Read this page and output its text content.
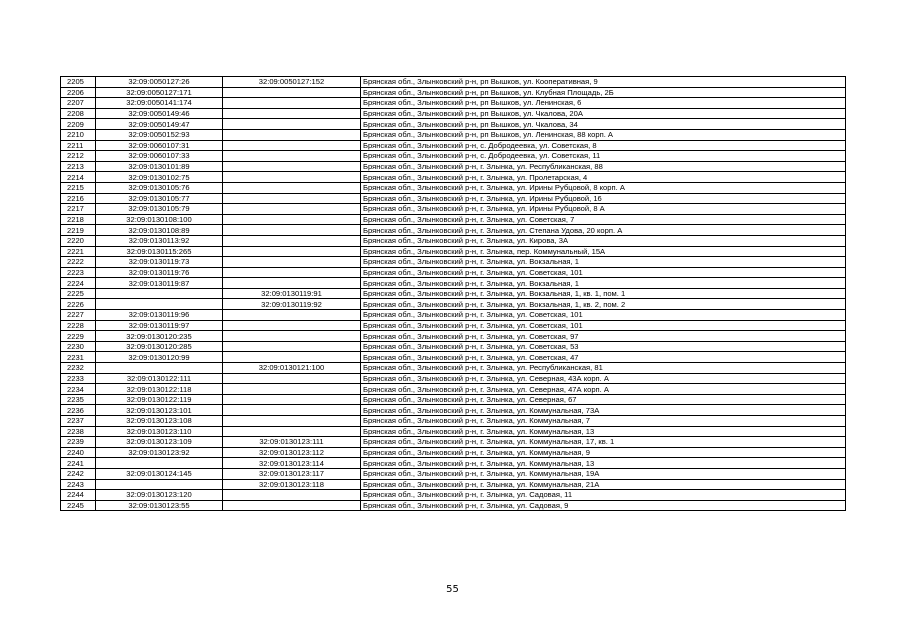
2205	32:09:0050127:26	32:09:0050127:152	Брянская обл., Злынковский р-н, рп Вышков, ул. Кооперативная, 9
2206	32:09:0050127:171		Брянская обл., Злынковский р-н, рп Вышков, ул. Клубная Площадь, 2Б
2207	32:09:0050141:174		Брянская обл., Злынковский р-н, рп Вышков, ул. Ленинская, 6
2208	32:09:0050149:46		Брянская обл., Злынковский р-н, рп Вышков, ул. Чкалова, 20А
2209	32:09:0050149:47		Брянская обл., Злынковский р-н, рп Вышков, ул. Чкалова, 34
2210	32:09:0050152:93		Брянская обл., Злынковский р-н, рп Вышков, ул. Ленинская, 88 корп. А
2211	32:09:0060107:31		Брянская обл., Злынковский р-н, с. Добродеевка, ул. Советская, 8
2212	32:09:0060107:33		Брянская обл., Злынковский р-н, с. Добродеевка, ул. Советская, 11
2213	32:09:0130101:89		Брянская обл., Злынковский р-н, г. Злынка, ул. Республиканская, 88
2214	32:09:0130102:75		Брянская обл., Злынковский р-н, г. Злынка, ул. Пролетарская, 4
2215	32:09:0130105:76		Брянская обл., Злынковский р-н, г. Злынка, ул. Ирины Рубцовой, 8 корп. А
2216	32:09:0130105:77		Брянская обл., Злынковский р-н, г. Злынка, ул. Ирины Рубцовой, 16
2217	32:09:0130105:79		Брянская обл., Злынковский р-н, г. Злынка, ул. Ирины Рубцовой, 8 А
2218	32:09:0130108:100		Брянская обл., Злынковский р-н, г. Злынка, ул. Советская, 7
2219	32:09:0130108:89		Брянская обл., Злынковский р-н, г. Злынка, ул. Степана Удова, 20 корп. А
2220	32:09:0130113:92		Брянская обл., Злынковский р-н, г. Злынка, ул. Кирова, 3А
2221	32:09:0130115:265		Брянская обл., Злынковский р-н, г. Злынка, пер. Коммунальный, 15А
2222	32:09:0130119:73		Брянская обл., Злынковский р-н, г. Злынка, ул. Вокзальная, 1
2223	32:09:0130119:76		Брянская обл., Злынковский р-н, г. Злынка, ул. Советская, 101
2224	32:09:0130119:87		Брянская обл., Злынковский р-н, г. Злынка, ул. Вокзальная, 1
2225		32:09:0130119:91	Брянская обл., Злынковский р-н, г. Злынка, ул. Вокзальная, 1, кв. 1, пом. 1
2226		32:09:0130119:92	Брянская обл., Злынковский р-н, г. Злынка, ул. Вокзальная, 1, кв. 2, пом. 2
2227	32:09:0130119:96		Брянская обл., Злынковский р-н, г. Злынка, ул. Советская, 101
2228	32:09:0130119:97		Брянская обл., Злынковский р-н, г. Злынка, ул. Советская, 101
2229	32:09:0130120:235		Брянская обл., Злынковский р-н, г. Злынка, ул. Советская, 97
2230	32:09:0130120:285		Брянская обл., Злынковский р-н, г. Злынка, ул. Советская, 53
2231	32:09:0130120:99		Брянская обл., Злынковский р-н, г. Злынка, ул. Советская, 47
2232		32:09:0130121:100	Брянская обл., Злынковский р-н, г. Злынка, ул. Республиканская, 81
2233	32:09:0130122:111		Брянская обл., Злынковский р-н, г. Злынка, ул. Северная, 43А корп. А
2234	32:09:0130122:118		Брянская обл., Злынковский р-н, г. Злынка, ул. Северная, 47А корп. А
2235	32:09:0130122:119		Брянская обл., Злынковский р-н, г. Злынка, ул. Северная, 67
2236	32:09:0130123:101		Брянская обл., Злынковский р-н, г. Злынка, ул. Коммунальная, 73А
2237	32:09:0130123:108		Брянская обл., Злынковский р-н, г. Злынка, ул. Коммунальная, 7
2238	32:09:0130123:110		Брянская обл., Злынковский р-н, г. Злынка, ул. Коммунальная, 13
2239	32:09:0130123:109	32:09:0130123:111	Брянская обл., Злынковский р-н, г. Злынка, ул. Коммунальная, 17, кв. 1
2240	32:09:0130123:92	32:09:0130123:112	Брянская обл., Злынковский р-н, г. Злынка, ул. Коммунальная, 9
2241		32:09:0130123:114	Брянская обл., Злынковский р-н, г. Злынка, ул. Коммунальная, 13
2242	32:09:0130124:145	32:09:0130123:117	Брянская обл., Злынковский р-н, г. Злынка, ул. Коммунальная, 19А
2243		32:09:0130123:118	Брянская обл., Злынковский р-н, г. Злынка, ул. Коммунальная, 21А
2244	32:09:0130123:120		Брянская обл., Злынковский р-н, г. Злынка, ул. Садовая, 11
2245	32:09:0130123:55		Брянская обл., Злынковский р-н, г. Злынка, ул. Садовая, 9
55
